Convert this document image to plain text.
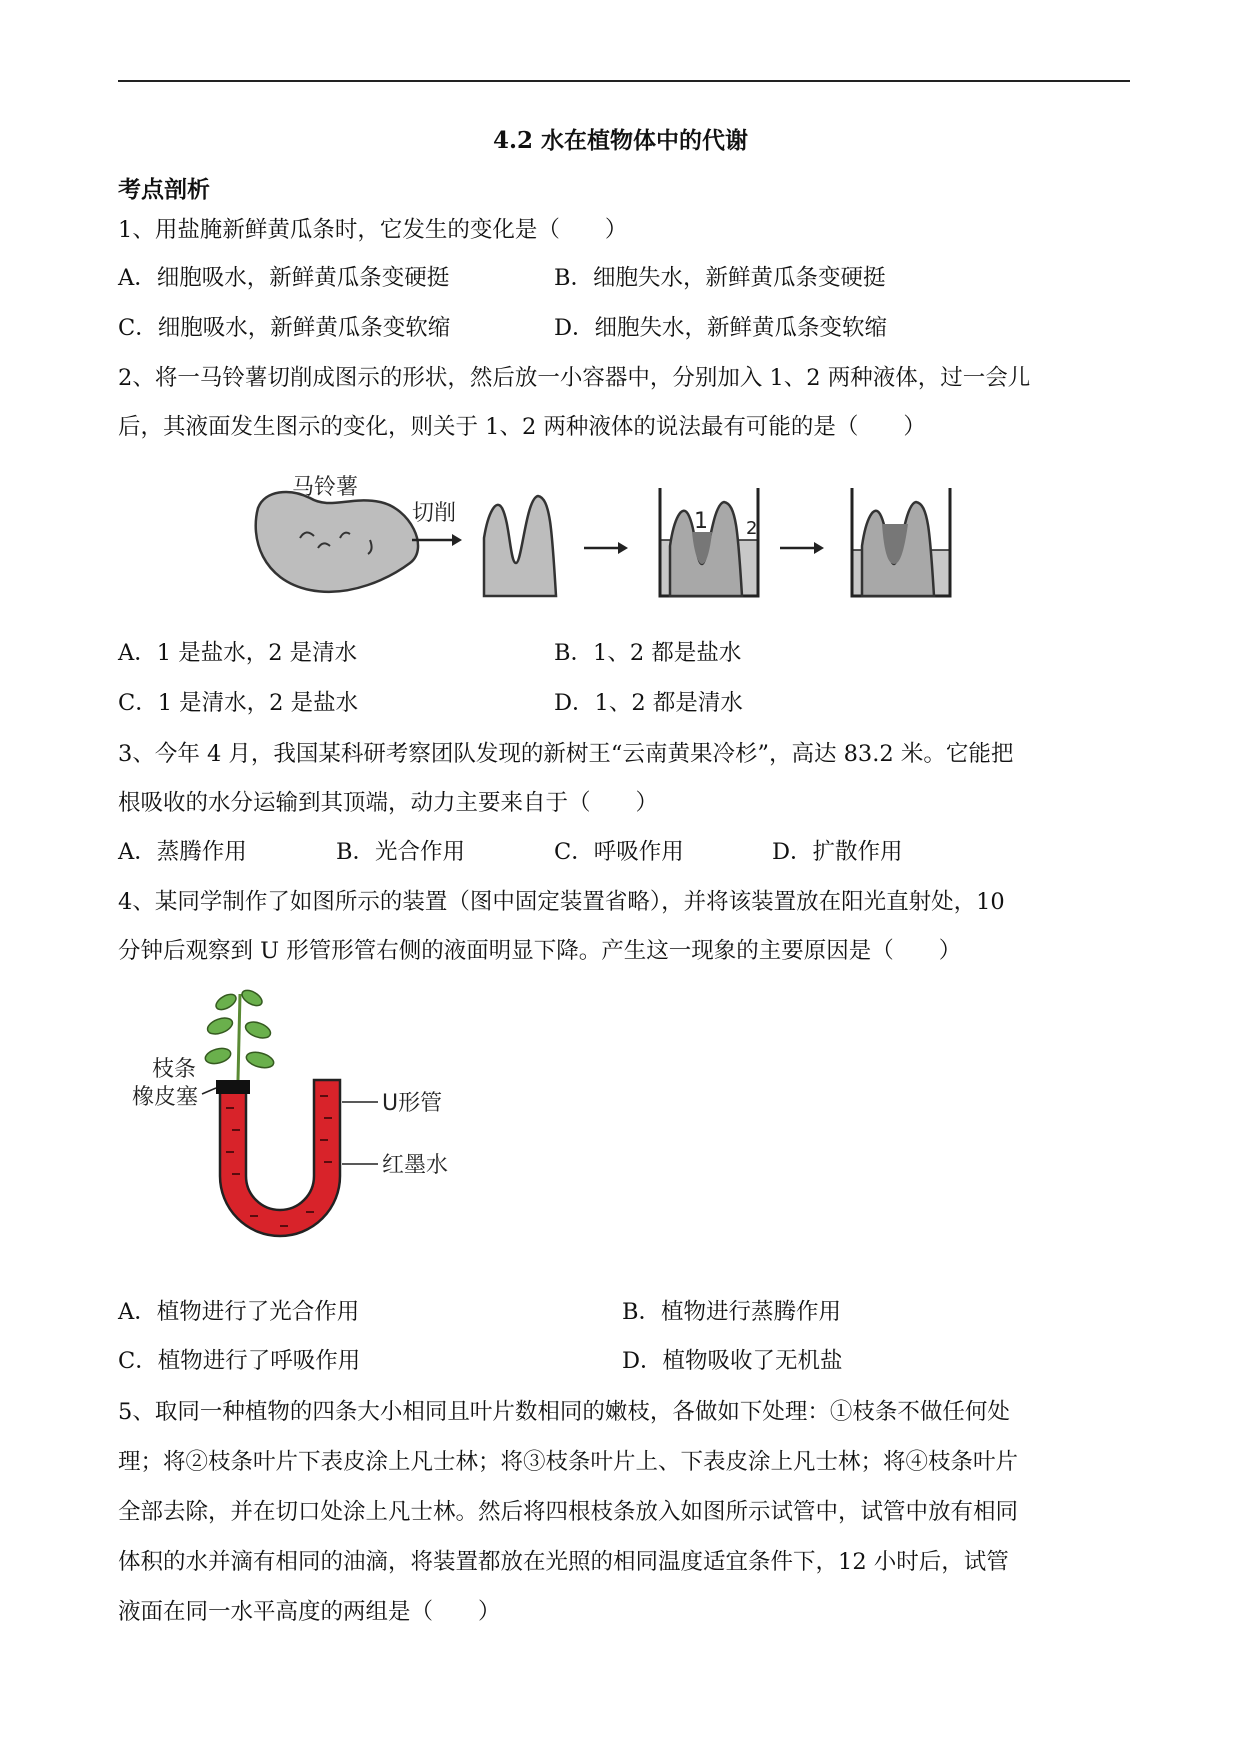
4.2 水在植物体中的代谢
考点剖析
1、用盐腌新鲜黄瓜条时，它发生的变化是（　　）
A．细胞吸水，新鲜黄瓜条变硬挺	B．细胞失水，新鲜黄瓜条变硬挺
C．细胞吸水，新鲜黄瓜条变软缩	D．细胞失水，新鲜黄瓜条变软缩
2、将一马铃薯切削成图示的形状，然后放一小容器中，分别加入 1、2 两种液体，过一会儿
后，其液面发生图示的变化，则关于 1、2 两种液体的说法最有可能的是（　　）
马铃薯
切削	1 2
A．1 是盐水，2 是清水	B．1、2 都是盐水
C．1 是清水，2 是盐水	D．1、2 都是清水
3、今年 4 月，我国某科研考察团队发现的新树王“云南黄果冷杉”，高达 83.2 米。它能把
根吸收的水分运输到其顶端，动力主要来自于（　　）
A．蒸腾作用	B．光合作用	C．呼吸作用	D．扩散作用
4、某同学制作了如图所示的装置（图中固定装置省略），并将该装置放在阳光直射处，10
分钟后观察到 U 形管形管右侧的液面明显下降。产生这一现象的主要原因是（　　）
枝条
橡皮塞	U形管
红墨水
A．植物进行了光合作用	B．植物进行蒸腾作用
C．植物进行了呼吸作用	D．植物吸收了无机盐
5、取同一种植物的四条大小相同且叶片数相同的嫩枝，各做如下处理：①枝条不做任何处
理；将②枝条叶片下表皮涂上凡士林；将③枝条叶片上、下表皮涂上凡士林；将④枝条叶片
全部去除，并在切口处涂上凡士林。然后将四根枝条放入如图所示试管中，试管中放有相同
体积的水并滴有相同的油滴，将装置都放在光照的相同温度适宜条件下，12 小时后，试管
液面在同一水平高度的两组是（　　）
